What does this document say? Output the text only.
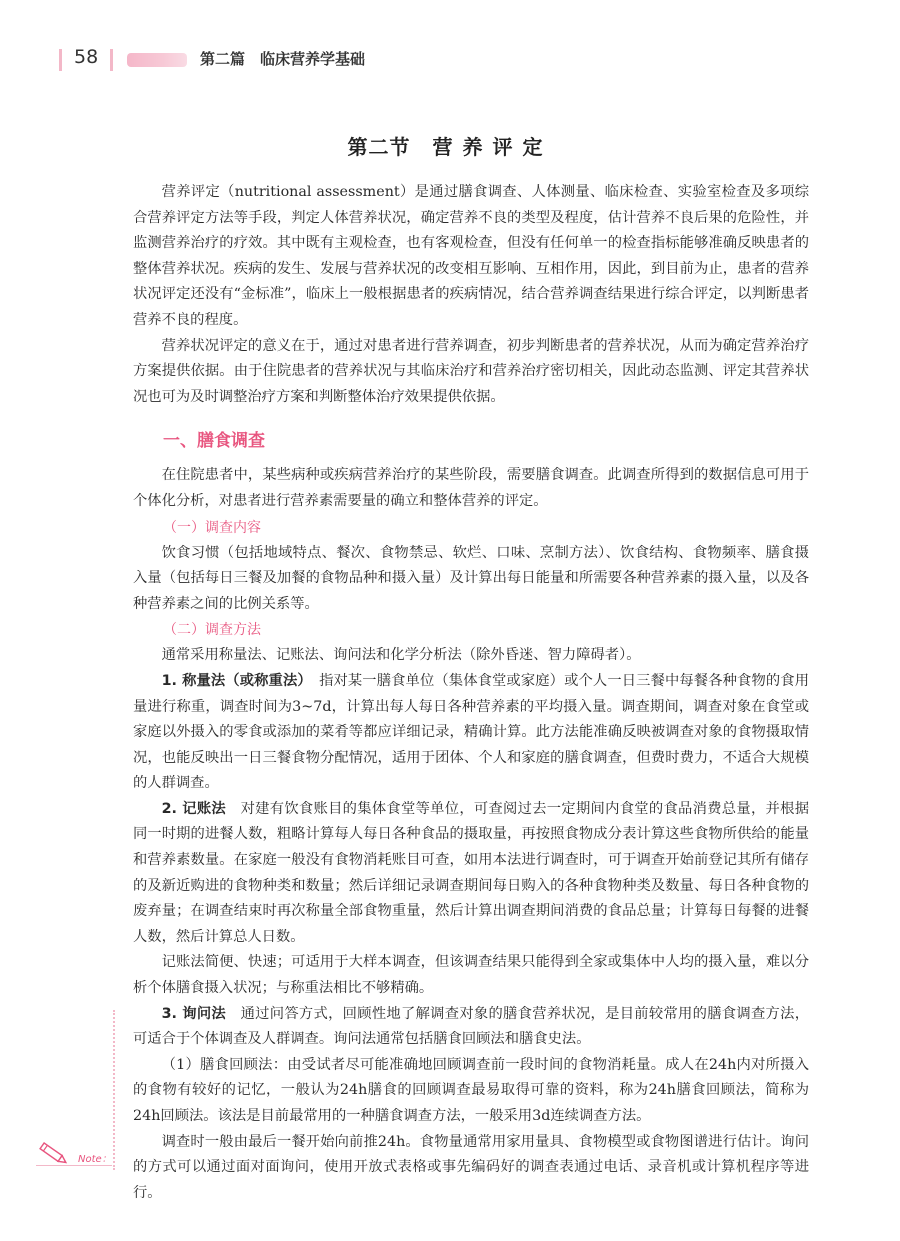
58	第二篇　临床营养学基础
第二节 营养评定

营养评定（nutritional assessment）是通过膳食调查、人体测量、临床检查、实验室检查及多项综合营养评定方法等手段，判定人体营养状况，确定营养不良的类型及程度，估计营养不良后果的危险性，并监测营养治疗的疗效。其中既有主观检查，也有客观检查，但没有任何单一的检查指标能够准确反映患者的整体营养状况。疾病的发生、发展与营养状况的改变相互影响、互相作用，因此，到目前为止，患者的营养状况评定还没有“金标准”，临床上一般根据患者的疾病情况，结合营养调查结果进行综合评定，以判断患者营养不良的程度。

营养状况评定的意义在于，通过对患者进行营养调查，初步判断患者的营养状况，从而为确定营养治疗方案提供依据。由于住院患者的营养状况与其临床治疗和营养治疗密切相关，因此动态监测、评定其营养状况也可为及时调整治疗方案和判断整体治疗效果提供依据。

一、膳食调查

在住院患者中，某些病种或疾病营养治疗的某些阶段，需要膳食调查。此调查所得到的数据信息可用于个体化分析，对患者进行营养素需要量的确立和整体营养的评定。

（一）调查内容

饮食习惯（包括地域特点、餐次、食物禁忌、软烂、口味、烹制方法）、饮食结构、食物频率、膳食摄入量（包括每日三餐及加餐的食物品种和摄入量）及计算出每日能量和所需要各种营养素的摄入量，以及各种营养素之间的比例关系等。

（二）调查方法

通常采用称量法、记账法、询问法和化学分析法（除外昏迷、智力障碍者）。

1. 称量法（或称重法）　 指对某一膳食单位（集体食堂或家庭）或个人一日三餐中每餐各种食物的食用量进行称重，调查时间为3~7d，计算出每人每日各种营养素的平均摄入量。调查期间，调查对象在食堂或家庭以外摄入的零食或添加的菜肴等都应详细记录，精确计算。此方法能准确反映被调查对象的食物摄取情况，也能反映出一日三餐食物分配情况，适用于团体、个人和家庭的膳食调查，但费时费力，不适合大规模的人群调查。

2. 记账法　 对建有饮食账目的集体食堂等单位，可查阅过去一定期间内食堂的食品消费总量，并根据同一时期的进餐人数，粗略计算每人每日各种食品的摄取量，再按照食物成分表计算这些食物所供给的能量和营养素数量。在家庭一般没有食物消耗账目可查，如用本法进行调查时，可于调查开始前登记其所有储存的及新近购进的食物种类和数量；然后详细记录调查期间每日购入的各种食物种类及数量、每日各种食物的废弃量；在调查结束时再次称量全部食物重量，然后计算出调查期间消费的食品总量；计算每日每餐的进餐人数，然后计算总人日数。

记账法简便、快速；可适用于大样本调查，但该调查结果只能得到全家或集体中人均的摄入量，难以分析个体膳食摄入状况；与称重法相比不够精确。

3. 询问法　 通过问答方式，回顾性地了解调查对象的膳食营养状况，是目前较常用的膳食调查方法，可适合于个体调查及人群调查。询问法通常包括膳食回顾法和膳食史法。

（1）膳食回顾法：由受试者尽可能准确地回顾调查前一段时间的食物消耗量。成人在24h内对所摄入的食物有较好的记忆，一般认为24h膳食的回顾调查最易取得可靠的资料，称为24h膳食回顾法，简称为24h回顾法。该法是目前最常用的一种膳食调查方法，一般采用3d连续调查方法。

调查时一般由最后一餐开始向前推24h。食物量通常用家用量具、食物模型或食物图谱进行估计。询问的方式可以通过面对面询问，使用开放式表格或事先编码好的调查表通过电话、录音机或计算机程序等进行。

Note：
